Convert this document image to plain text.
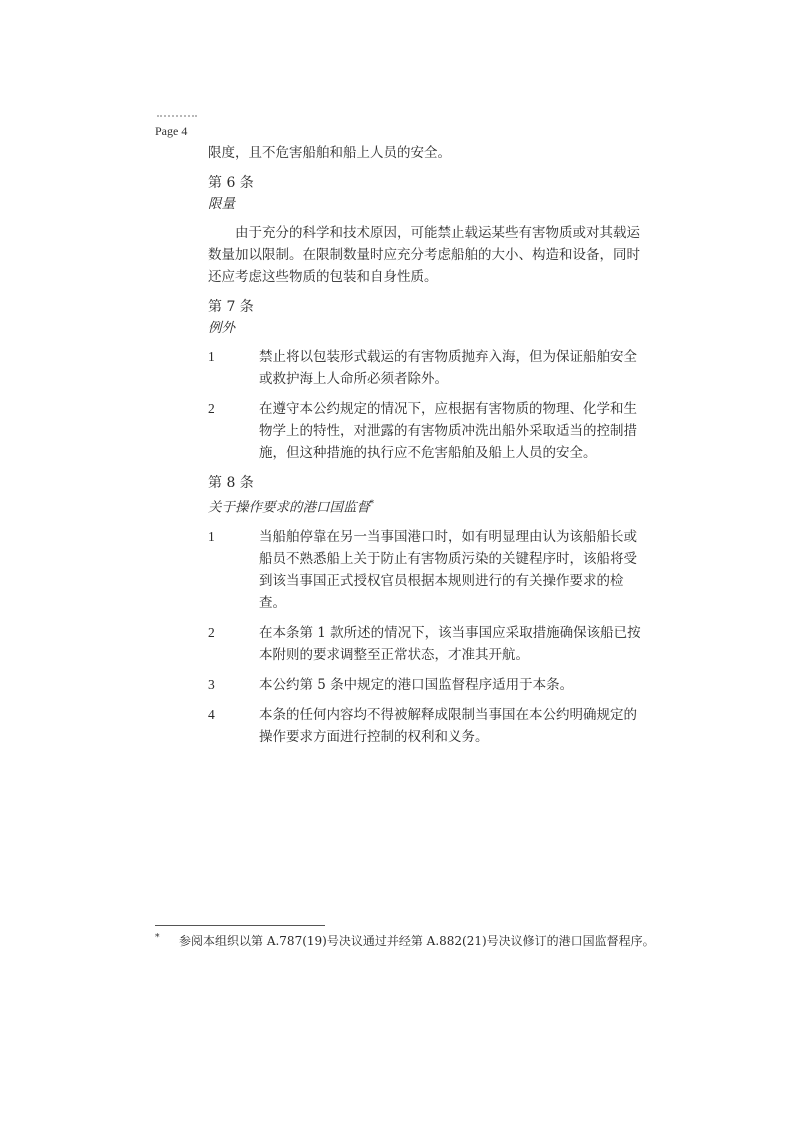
Page 4

限度，且不危害船舶和船上人员的安全。

第 6 条

限量

由于充分的科学和技术原因，可能禁止载运某些有害物质或对其载运数量加以限制。在限制数量时应充分考虑船舶的大小、构造和设备，同时还应考虑这些物质的包装和自身性质。

第 7 条

例外

1	禁止将以包装形式载运的有害物质抛弃入海，但为保证船舶安全或救护海上人命所必须者除外。
2	在遵守本公约规定的情况下，应根据有害物质的物理、化学和生物学上的特性，对泄露的有害物质冲洗出船外采取适当的控制措施，但这种措施的执行应不危害船舶及船上人员的安全。

第 8 条

关于操作要求的港口国监督*

1	当船舶停靠在另一当事国港口时，如有明显理由认为该船船长或船员不熟悉船上关于防止有害物质污染的关键程序时，该船将受到该当事国正式授权官员根据本规则进行的有关操作要求的检查。
2	在本条第 1 款所述的情况下，该当事国应采取措施确保该船已按本附则的要求调整至正常状态，才准其开航。
3	本公约第 5 条中规定的港口国监督程序适用于本条。
4	本条的任何内容均不得被解释成限制当事国在本公约明确规定的操作要求方面进行控制的权利和义务。
*	参阅本组织以第 A.787(19)号决议通过并经第 A.882(21)号决议修订的港口国监督程序。
